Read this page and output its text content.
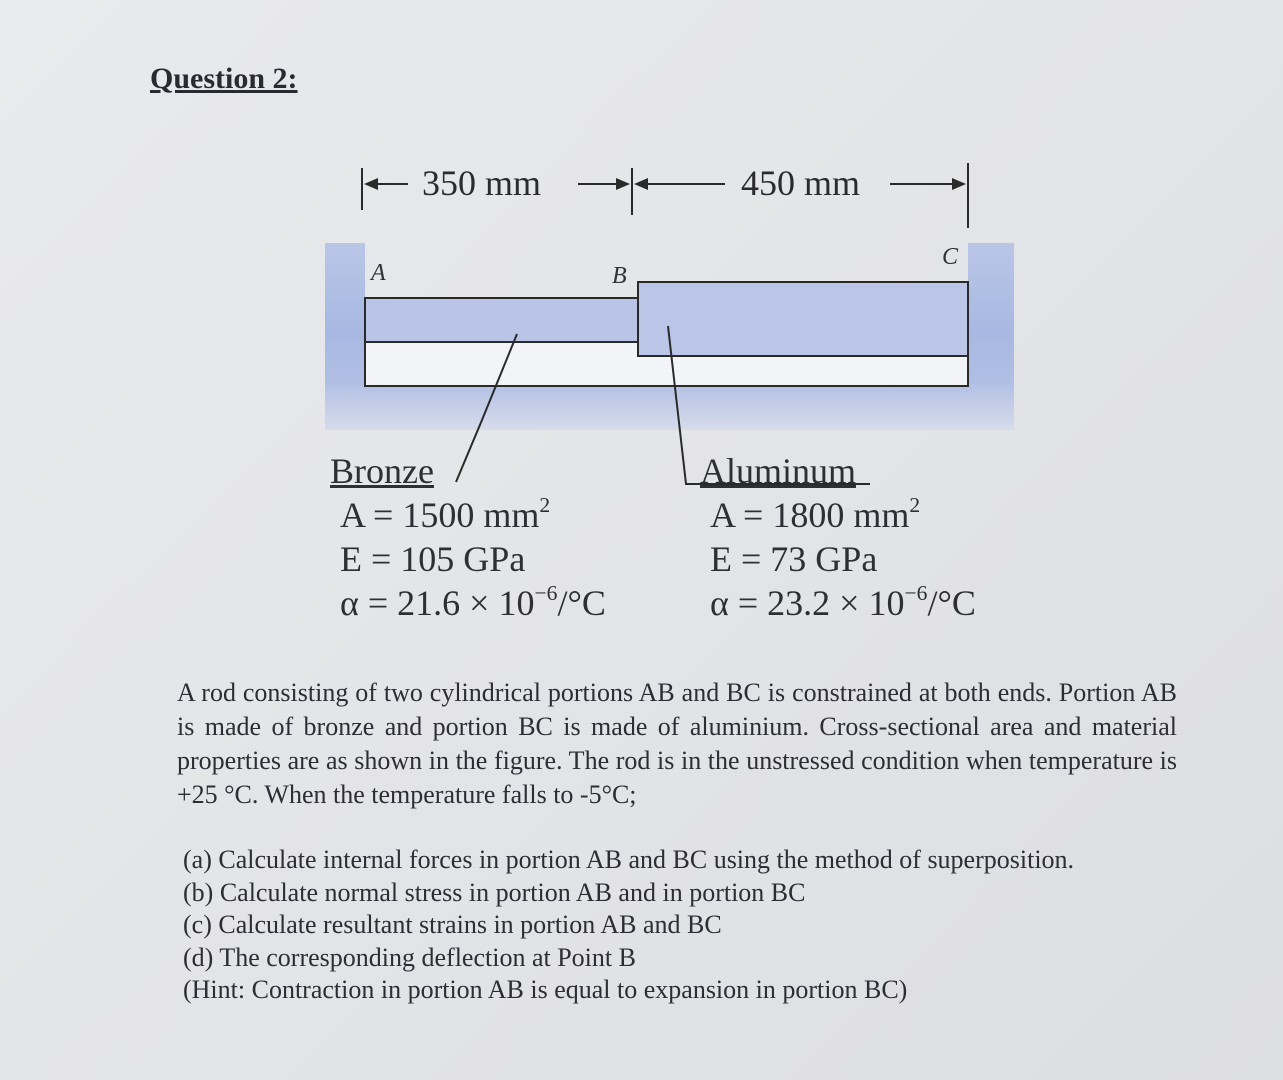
Question 2:
350 mm	450 mm
A	B
C
Bronze
A = 1500 $mm^2$
E = 105 GPa
$\alpha = 21.6 \times 10^{-6}/^\circ C$
Aluminum
A = 1800 $mm^2$
E = 73 GPa
$\alpha = 23.2 \times 10^{-6}/^\circ C$
A rod consisting of two cylindrical portions AB and BC is constrained at both ends. Portion AB is made of bronze and portion BC is made of aluminium. Cross-sectional area and material properties are as shown in the figure. The rod is in the unstressed condition when temperature is +25 °C. When the temperature falls to -5°C;
(a) Calculate internal forces in portion AB and BC using the method of superposition.
(b) Calculate normal stress in portion AB and in portion BC
(c) Calculate resultant strains in portion AB and BC
(d) The corresponding deflection at Point B
(Hint: Contraction in portion AB is equal to expansion in portion BC)
